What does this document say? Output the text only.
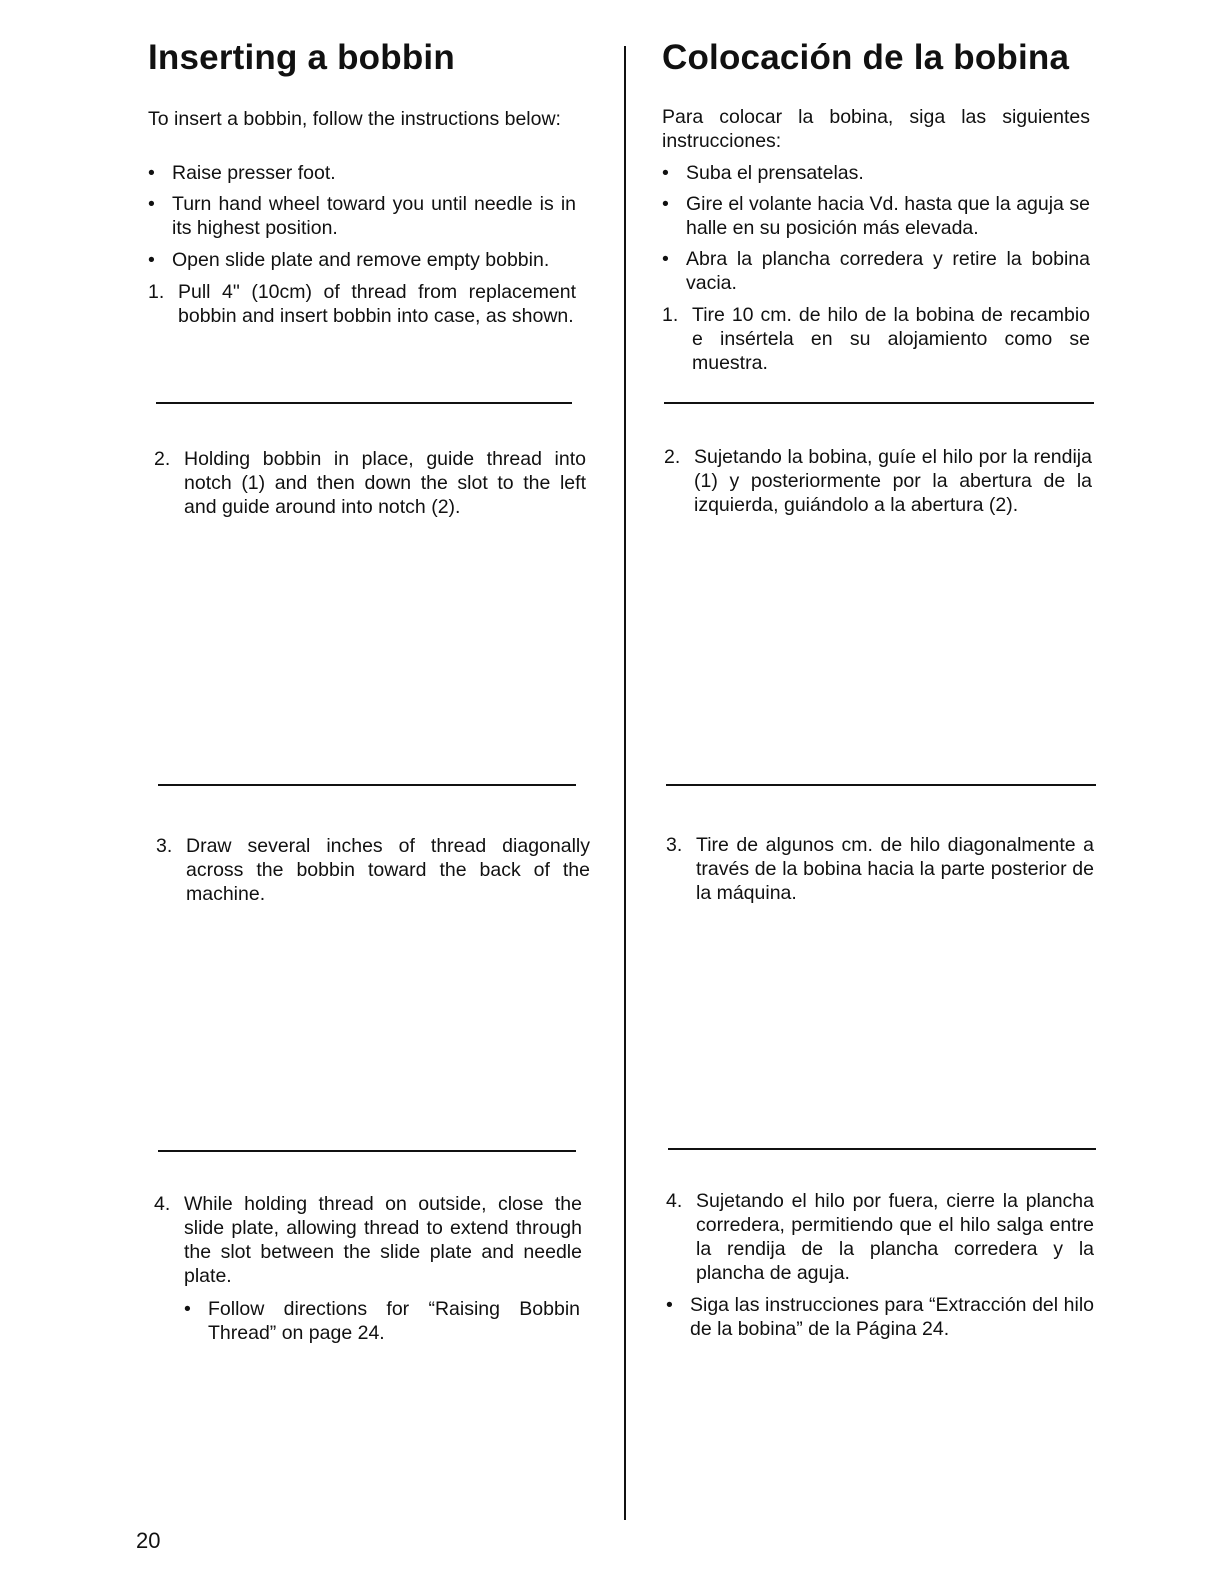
Inserting a bobbin
To insert a bobbin, follow the instructions below:
• Raise presser foot.
• Turn hand wheel toward you until needle is in its highest position.
• Open slide plate and remove empty bobbin.
1. Pull 4" (10cm) of thread from replacement bobbin and insert bobbin into case, as shown.
2. Holding bobbin in place, guide thread into notch (1) and then down the slot to the left and guide around into notch (2).
3. Draw several inches of thread diagonally across the bobbin toward the back of the machine.
4. While holding thread on outside, close the slide plate, allowing thread to extend through the slot between the slide plate and needle plate.
• Follow directions for “Raising Bobbin Thread” on page 24.
Colocación de la bobina
Para colocar la bobina, siga las siguientes instrucciones:
• Suba el prensatelas.
• Gire el volante hacia Vd. hasta que la aguja se halle en su posición más elevada.
• Abra la plancha corredera y retire la bobina vacia.
1. Tire 10 cm. de hilo de la bobina de recambio e insértela en su alojamiento como se muestra.
2. Sujetando la bobina, guíe el hilo por la rendija (1) y posteriormente por la abertura de la izquierda, guiándolo a la abertura (2).
3. Tire de algunos cm. de hilo diagonalmente a través de la bobina hacia la parte posterior de la máquina.
4. Sujetando el hilo por fuera, cierre la plancha corredera, permitiendo que el hilo salga entre la rendija de la plancha corredera y la plancha de aguja.
• Siga las instrucciones para “Extracción del hilo de la bobina” de la Página 24.
20
